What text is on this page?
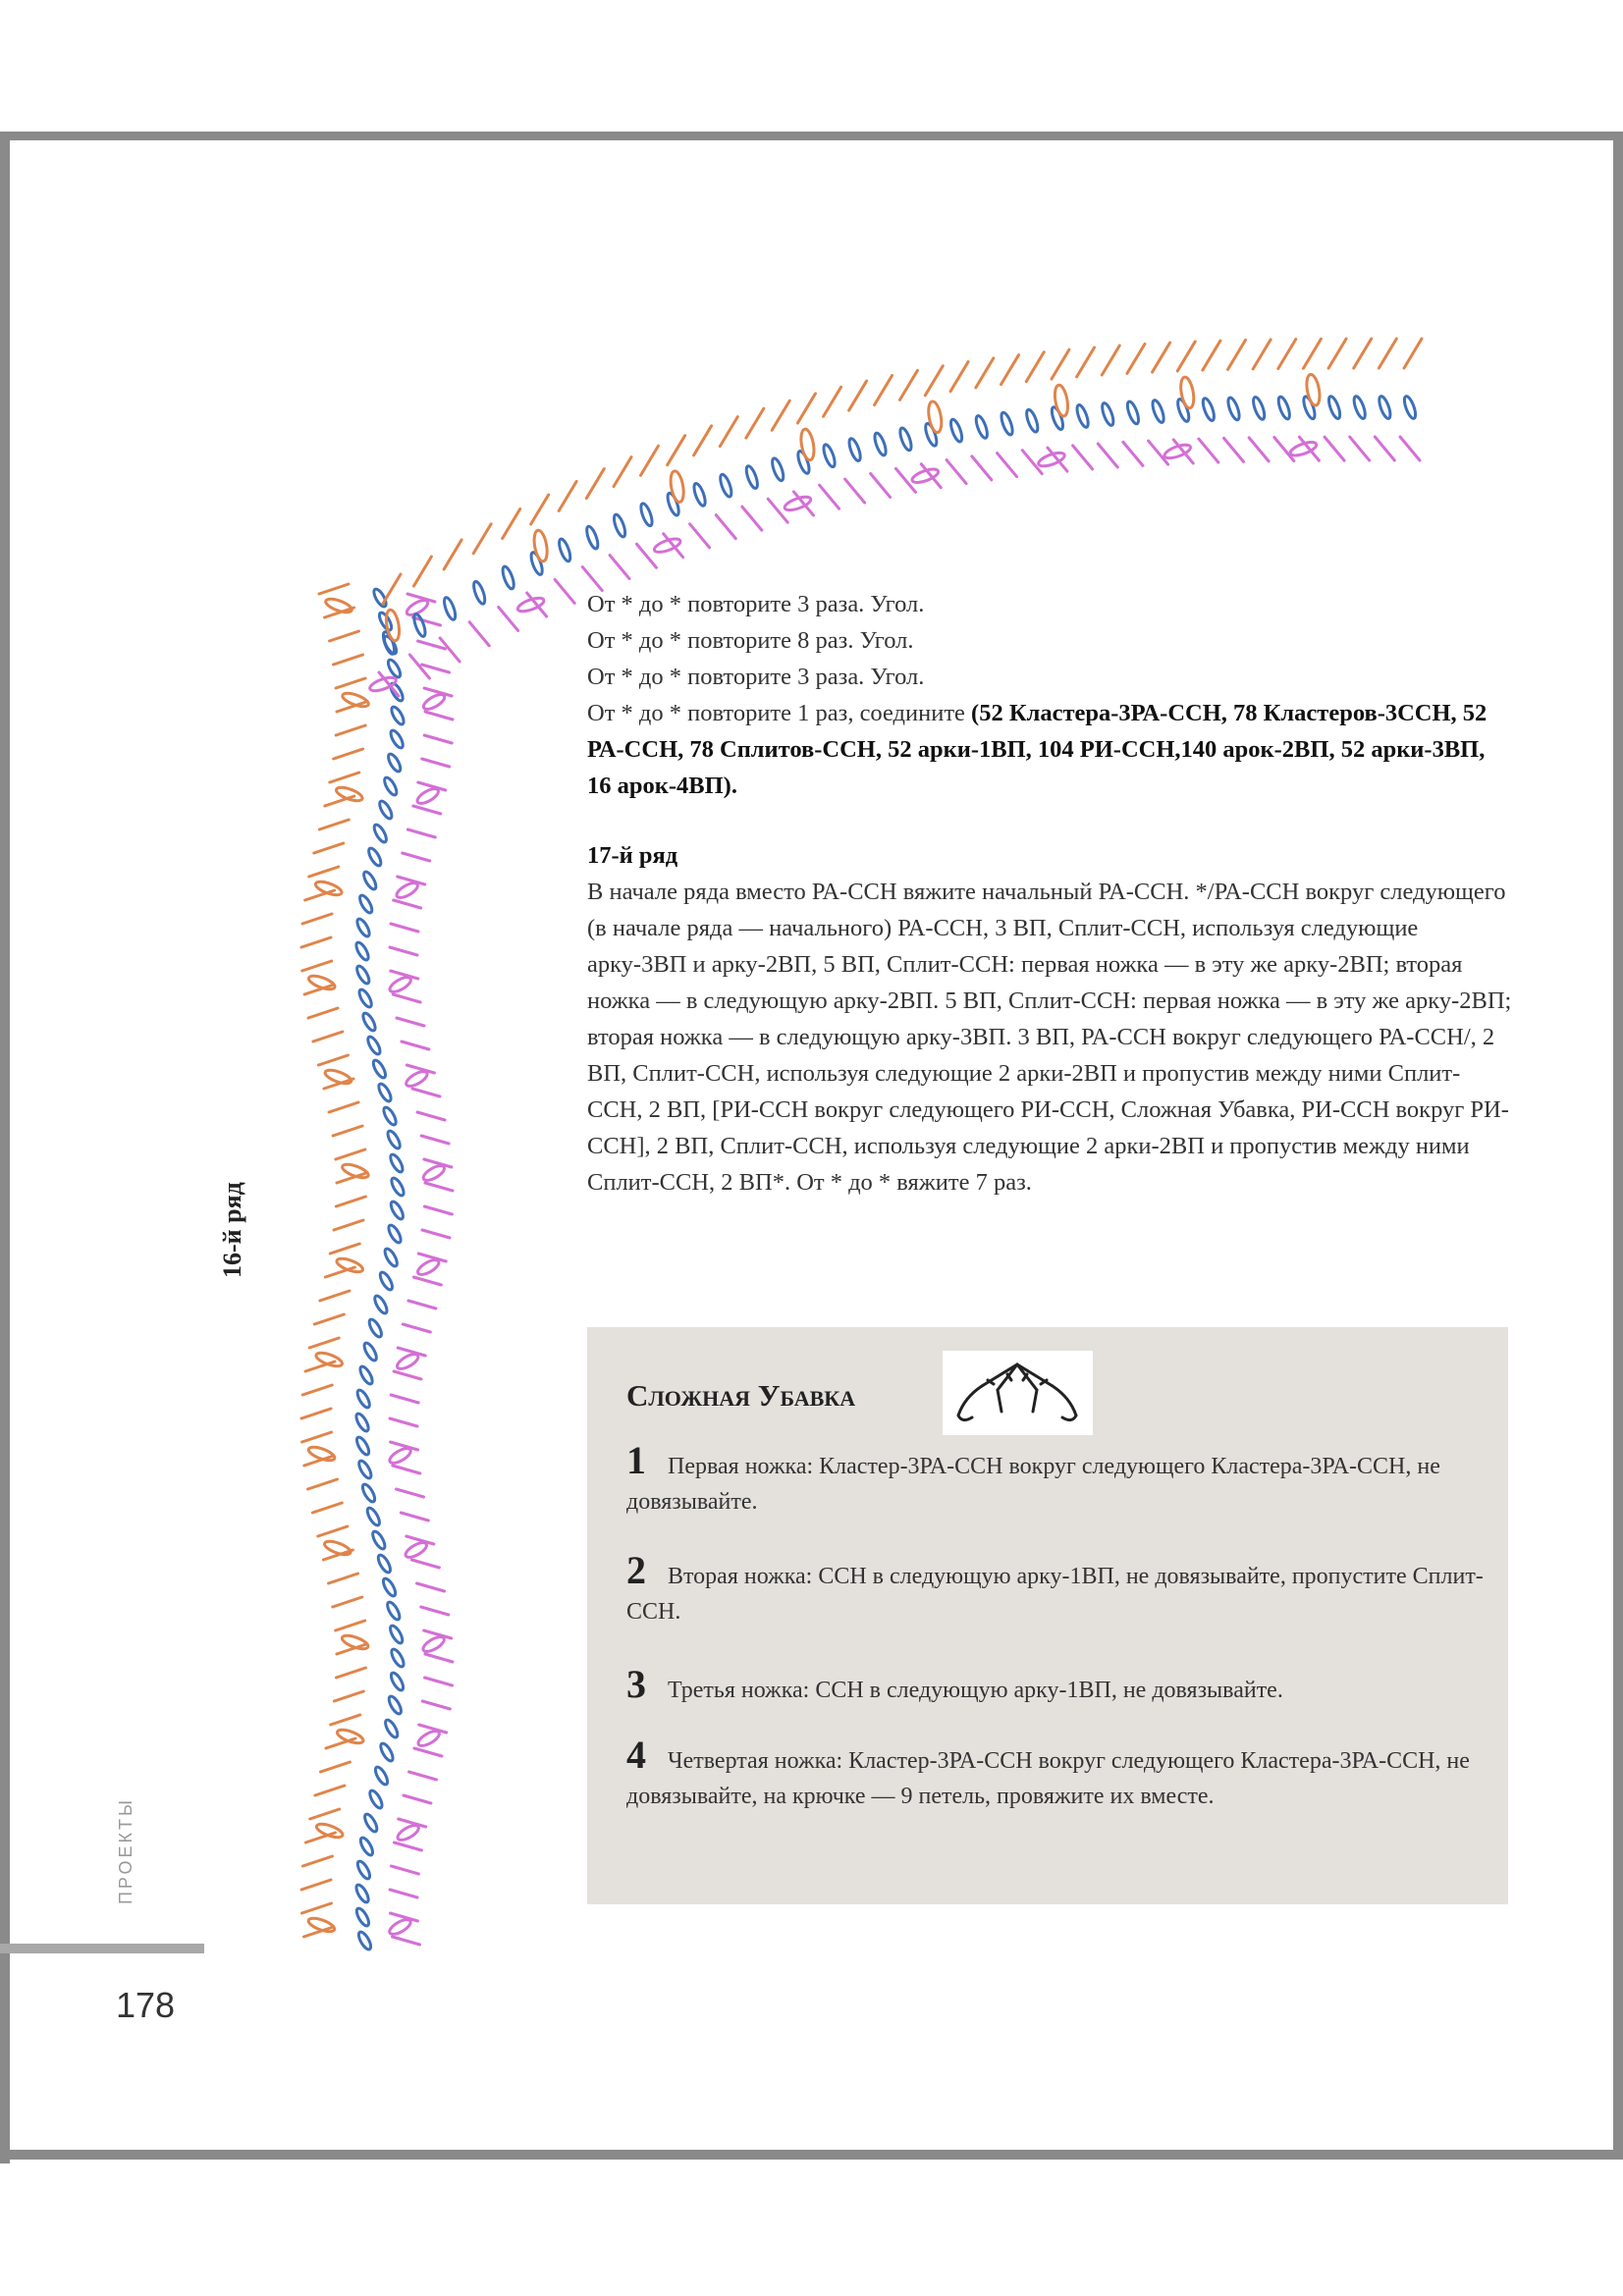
178
ПРОЕКТЫ
16-й ряд

От * до * повторите 3 раза. Угол.

От * до * повторите 8 раз. Угол.

От * до * повторите 3 раза. Угол.

От * до * повторите 1 раз, соедините (52 Кластера-3РА-ССН, 78 Кластеров-3ССН, 52 РА-ССН, 78 Сплитов-ССН, 52 арки-1ВП, 104 РИ-ССН,140 арок-2ВП, 52 арки-3ВП, 16 арок-4ВП).

17-й ряд

В начале ряда вместо РА-ССН вяжите начальный РА-ССН. */РА-ССН вокруг следующего (в начале ряда — начального) РА-ССН, 3 ВП, Сплит-ССН, используя следующие арку-3ВП и арку-2ВП, 5 ВП, Сплит-ССН: первая ножка — в эту же арку-2ВП; вторая ножка — в следующую арку-2ВП. 5 ВП, Сплит-ССН: первая ножка — в эту же арку-2ВП; вторая ножка — в следующую арку-3ВП. 3 ВП, РА-ССН вокруг следующего РА-ССН/, 2 ВП, Сплит-ССН, используя следующие 2 арки-2ВП и пропустив между ними Сплит-ССН, 2 ВП, [РИ-ССН вокруг следующего РИ-ССН, Сложная Убавка, РИ-ССН вокруг РИ-ССН], 2 ВП, Сплит-ССН, используя следующие 2 арки-2ВП и пропустив между ними Сплит-ССН, 2 ВП*. От * до * вяжите 7 раз.

Сложная Убавка
1 Первая ножка: Кластер-3РА-ССН вокруг следующего Кластера-3РА-ССН, не довязывайте.
2 Вторая ножка: ССН в следующую арку-1ВП, не довязывайте, пропустите Сплит-ССН.
3 Третья ножка: ССН в следующую арку-1ВП, не довязывайте.
4 Четвертая ножка: Кластер-3РА-ССН вокруг следующего Кластера-3РА-ССН, не довязывайте, на крючке — 9 петель, провяжите их вместе.
